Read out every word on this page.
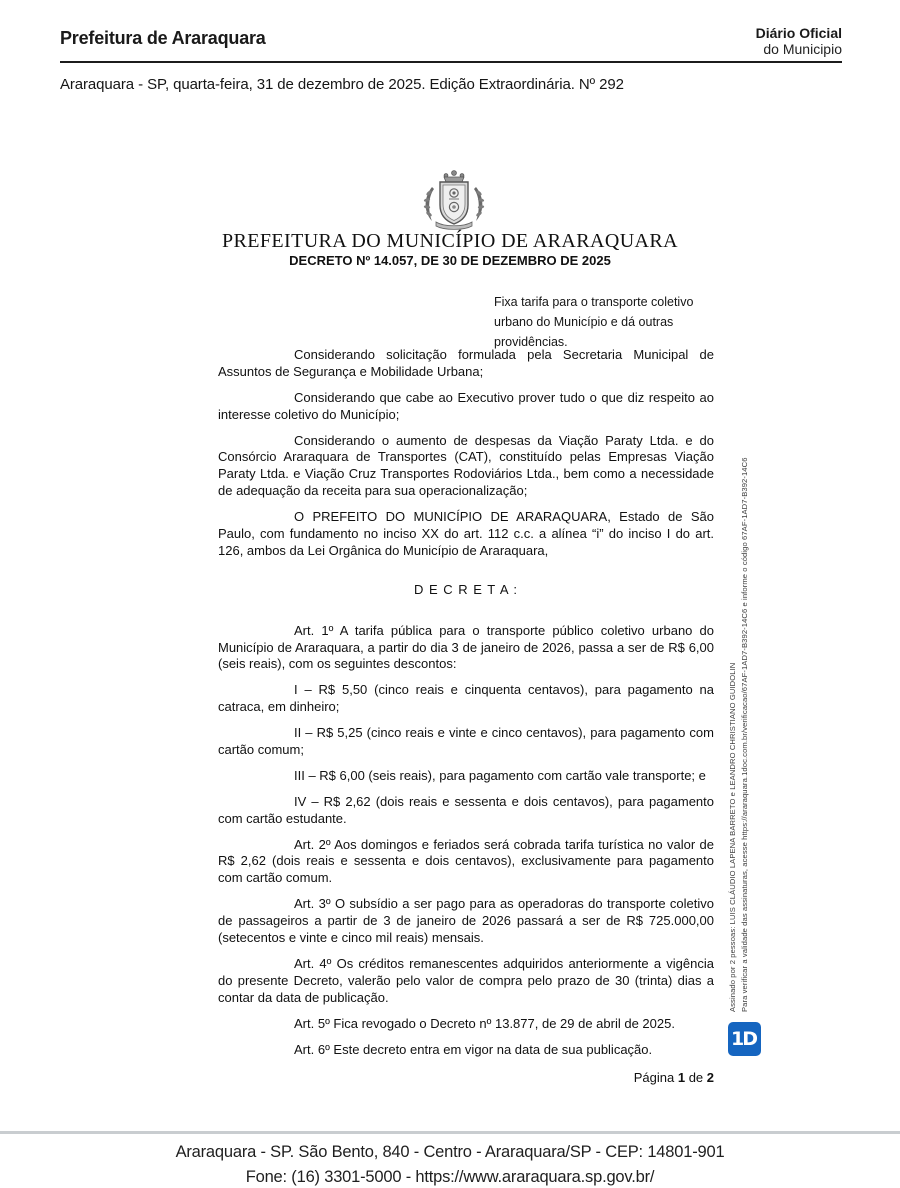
Prefeitura de Araraquara	Diário Oficial
do Municipio
Araraquara - SP, quarta-feira, 31 de dezembro de 2025. Edição Extraordinária. Nº 292
PREFEITURA DO MUNICÍPIO DE ARARAQUARA
DECRETO Nº 14.057, DE 30 DE DEZEMBRO DE 2025
Fixa tarifa para o transporte coletivo urbano do Município e dá outras providências.

Considerando solicitação formulada pela Secretaria Municipal de Assuntos de Segurança e Mobilidade Urbana;

Considerando que cabe ao Executivo prover tudo o que diz respeito ao interesse coletivo do Município;

Considerando o aumento de despesas da Viação Paraty Ltda. e do Consórcio Araraquara de Transportes (CAT), constituído pelas Empresas Viação Paraty Ltda. e Viação Cruz Transportes Rodoviários Ltda., bem como a necessidade de adequação da receita para sua operacionalização;

O PREFEITO DO MUNICÍPIO DE ARARAQUARA, Estado de São Paulo, com fundamento no inciso XX do art. 112 c.c. a alínea “i” do inciso I do art. 126, ambos da Lei Orgânica do Município de Araraquara,

D E C R E T A :

Art. 1º A tarifa pública para o transporte público coletivo urbano do Município de Araraquara, a partir do dia 3 de janeiro de 2026, passa a ser de R$ 6,00 (seis reais), com os seguintes descontos:

I – R$ 5,50 (cinco reais e cinquenta centavos), para pagamento na catraca, em dinheiro;

II – R$ 5,25 (cinco reais e vinte e cinco centavos), para pagamento com cartão comum;

III – R$ 6,00 (seis reais), para pagamento com cartão vale transporte; e

IV – R$ 2,62 (dois reais e sessenta e dois centavos), para pagamento com cartão estudante.

Art. 2º Aos domingos e feriados será cobrada tarifa turística no valor de R$ 2,62 (dois reais e sessenta e dois centavos), exclusivamente para pagamento com cartão comum.

Art. 3º O subsídio a ser pago para as operadoras do transporte coletivo de passageiros a partir de 3 de janeiro de 2026 passará a ser de R$ 725.000,00 (setecentos e vinte e cinco mil reais) mensais.

Art. 4º Os créditos remanescentes adquiridos anteriormente a vigência do presente Decreto, valerão pelo valor de compra pelo prazo de 30 (trinta) dias a contar da data de publicação.

Art. 5º Fica revogado o Decreto nº 13.877, de 29 de abril de 2025.

Art. 6º Este decreto entra em vigor na data de sua publicação.

Página 1 de 2
Assinado por 2 pessoas: LUIS CLÁUDIO LAPENA BARRETO e LEANDRO CHRISTIANO GUIDOLIN Para verificar a validade das assinaturas, acesse https://araraquara.1doc.com.br/verificacao/67AF-1AD7-B392-14C6 e informe o código 67AF-1AD7-B392-14C6
1D
Araraquara - SP. São Bento, 840 - Centro - Araraquara/SP - CEP: 14801-901
Fone: (16) 3301-5000 - https://www.araraquara.sp.gov.br/
